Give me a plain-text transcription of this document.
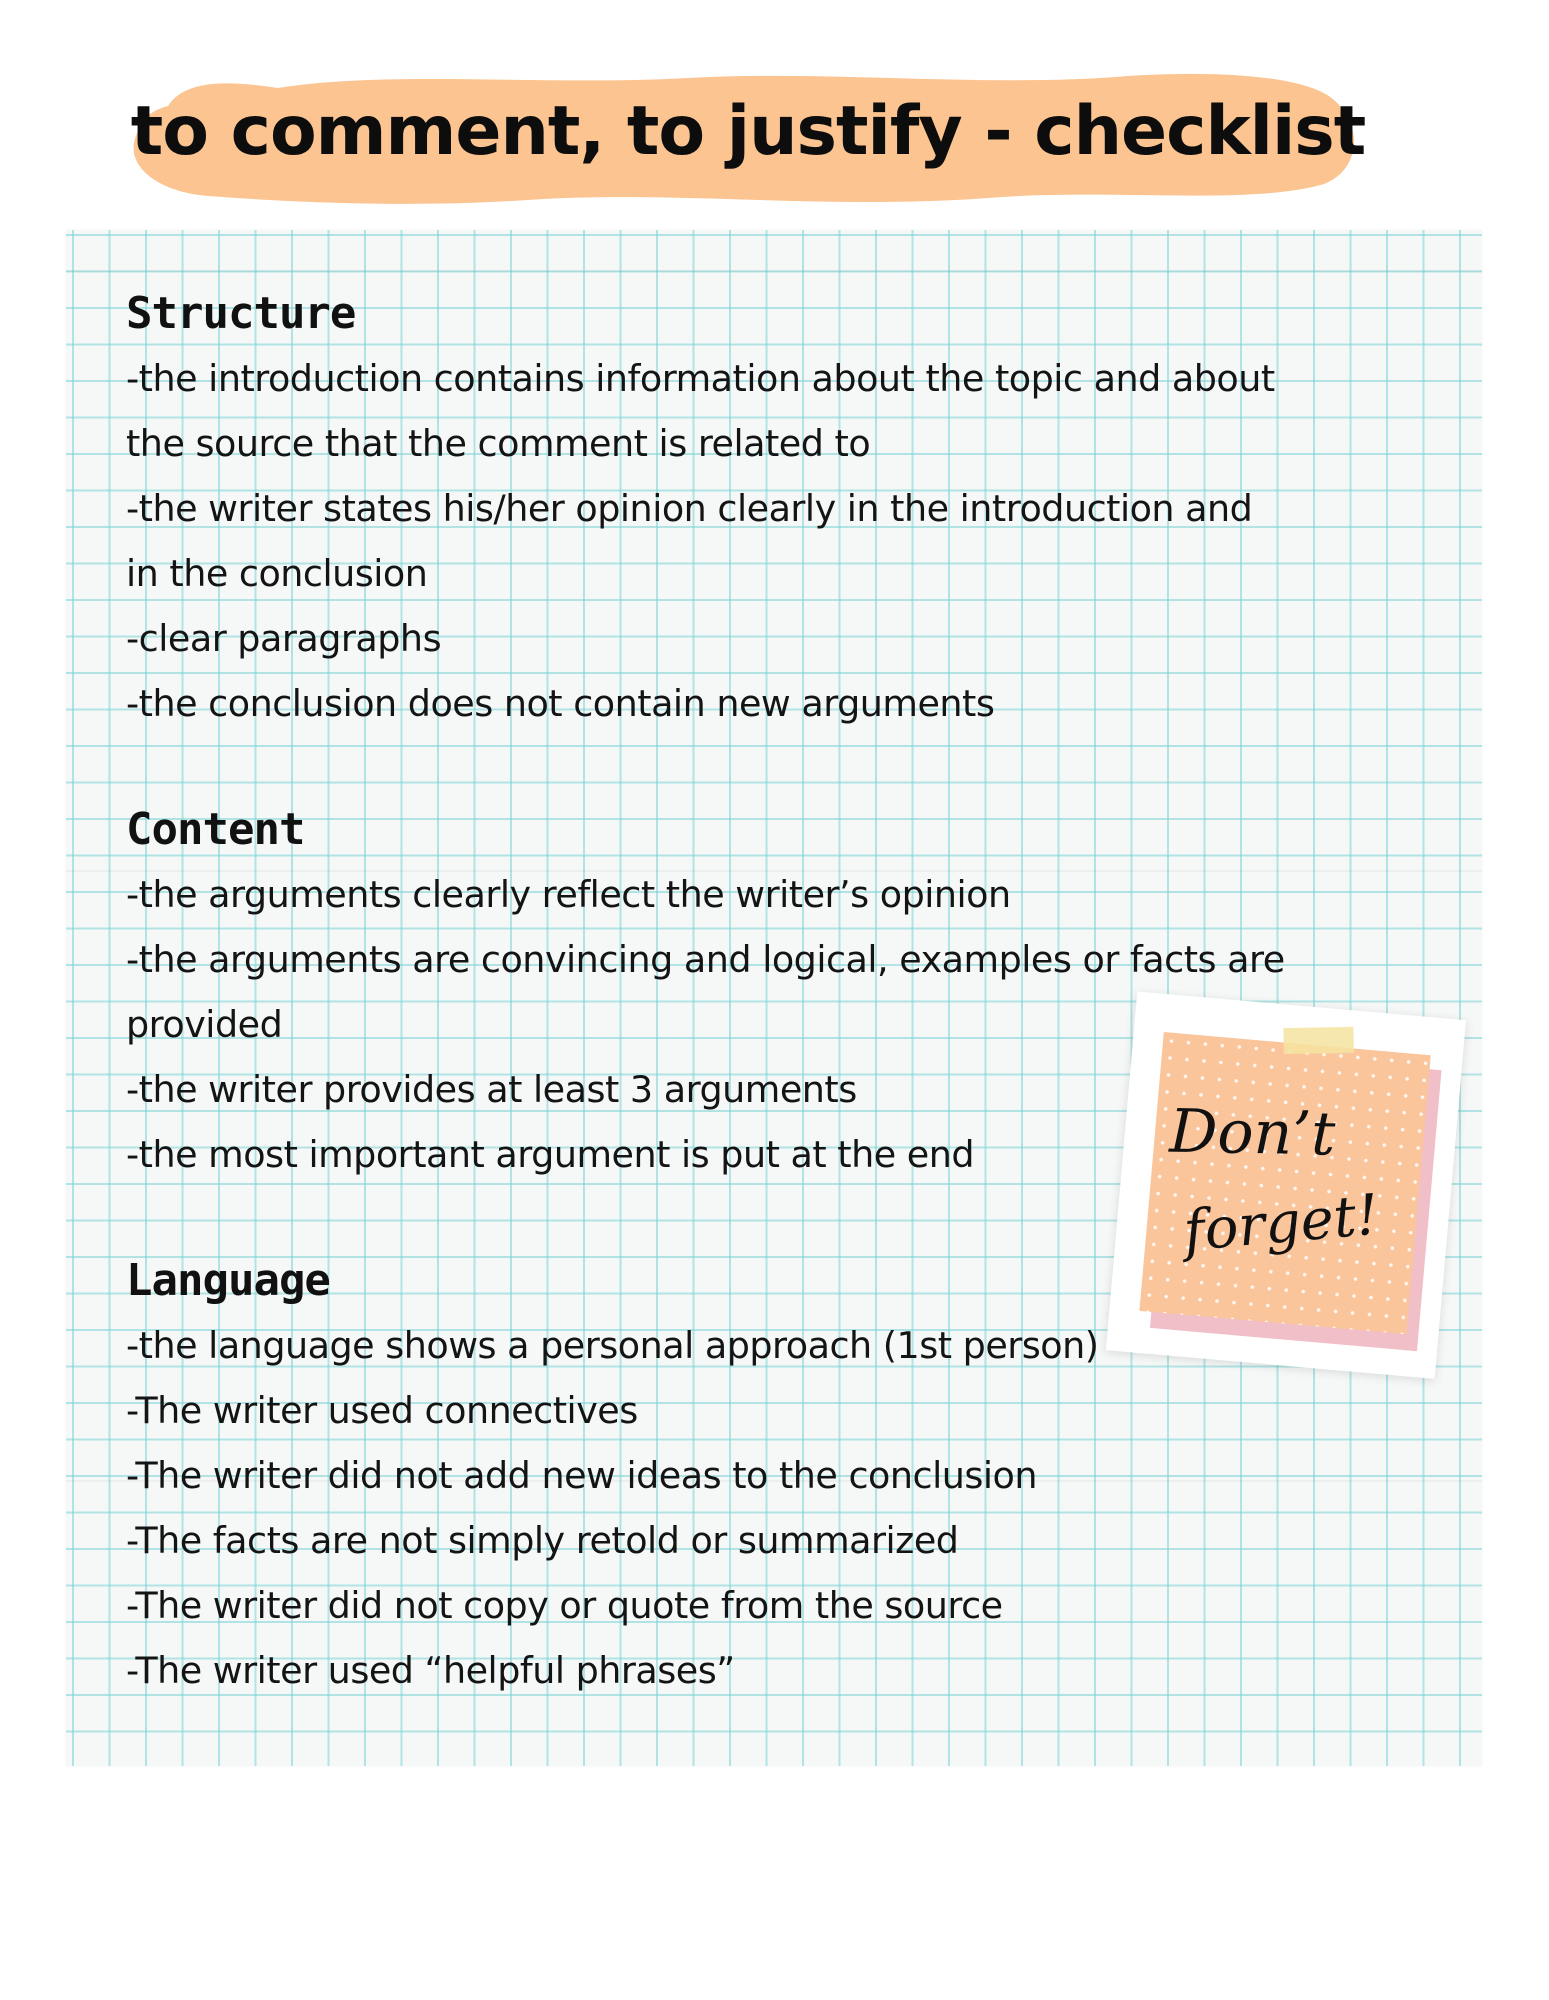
to comment, to justify - checklist

Structure

-the introduction contains information about the topic and about

the source that the comment is related to

-the writer states his/her opinion clearly in the introduction and

in the conclusion

-clear paragraphs

-the conclusion does not contain new arguments

Content

-the arguments clearly reflect the writer’s opinion

-the arguments are convincing and logical, examples or facts are

provided

-the writer provides at least 3 arguments

-the most important argument is put at the end

Language

-the language shows a personal approach (1st person)

-The writer used connectives

-The writer did not add new ideas to the conclusion

-The facts are not simply retold or summarized

-The writer did not copy or quote from the source

-The writer used “helpful phrases”

Don’t
forget!
